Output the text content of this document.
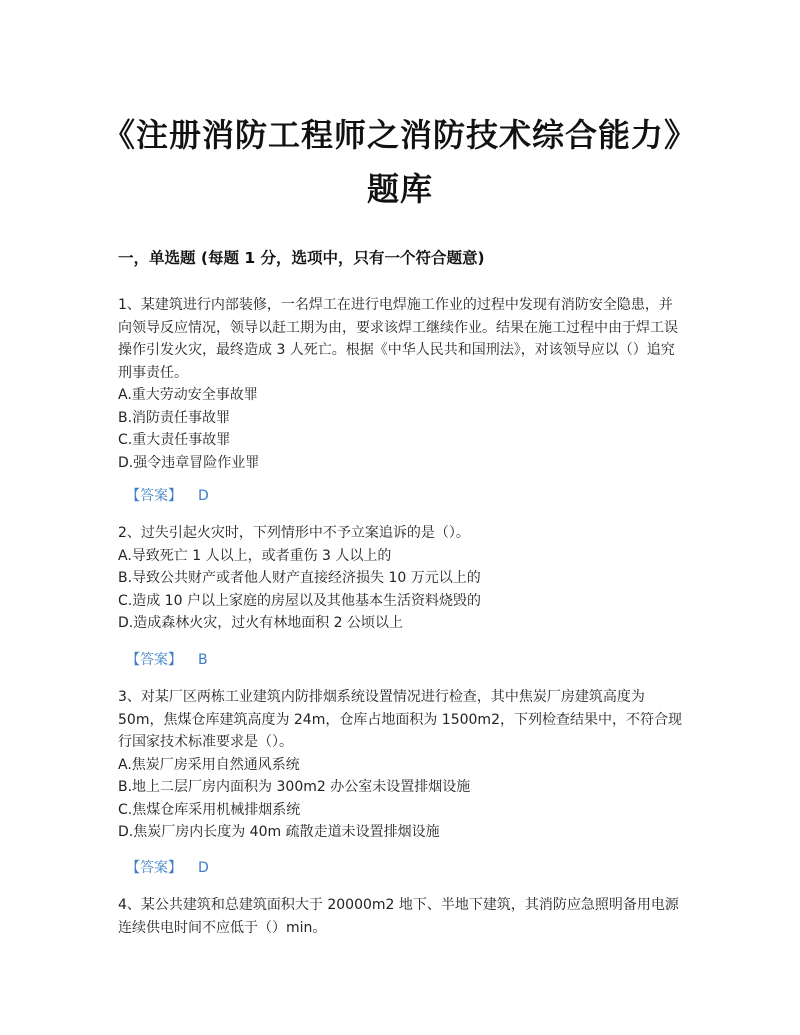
《注册消防工程师之消防技术综合能力》题库
一，单选题 (每题 1 分，选项中，只有一个符合题意)

1、某建筑进行内部装修，一名焊工在进行电焊施工作业的过程中发现有消防安全隐患，并向领导反应情况，领导以赶工期为由，要求该焊工继续作业。结果在施工过程中由于焊工误操作引发火灾，最终造成 3 人死亡。根据《中华人民共和国刑法》，对该领导应以（）追究刑事责任。

A.重大劳动安全事故罪

B.消防责任事故罪

C.重大责任事故罪

D.强令违章冒险作业罪

【答案】 D

2、过失引起火灾时，下列情形中不予立案追诉的是（）。

A.导致死亡 1 人以上，或者重伤 3 人以上的

B.导致公共财产或者他人财产直接经济损失 10 万元以上的

C.造成 10 户以上家庭的房屋以及其他基本生活资料烧毁的

D.造成森林火灾，过火有林地面积 2 公顷以上

【答案】 B

3、对某厂区两栋工业建筑内防排烟系统设置情况进行检查，其中焦炭厂房建筑高度为 50m，焦煤仓库建筑高度为 24m，仓库占地面积为 1500m2，下列检查结果中，不符合现行国家技术标准要求是（）。

A.焦炭厂房采用自然通风系统

B.地上二层厂房内面积为 300m2 办公室未设置排烟设施

C.焦煤仓库采用机械排烟系统

D.焦炭厂房内长度为 40m 疏散走道未设置排烟设施

【答案】 D

4、某公共建筑和总建筑面积大于 20000m2 地下、半地下建筑，其消防应急照明备用电源连续供电时间不应低于（）min。
